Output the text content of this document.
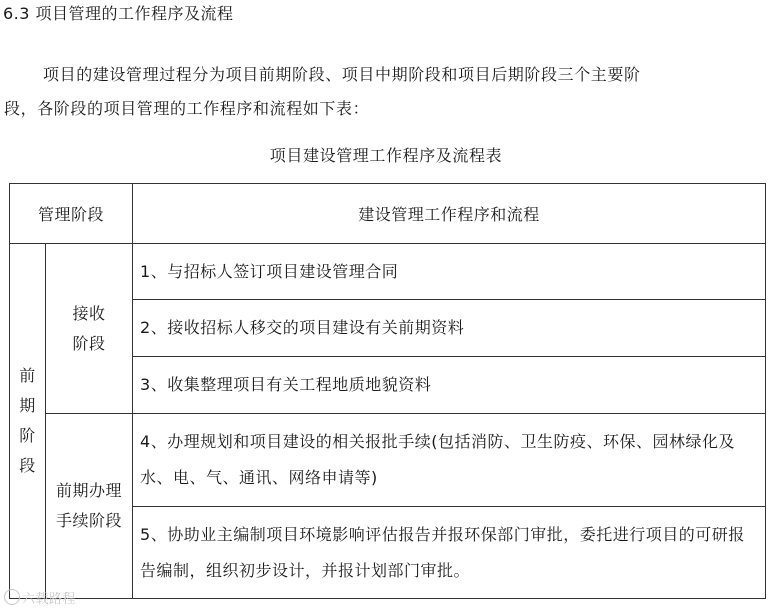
6.3 项目管理的工作程序及流程
项目的建设管理过程分为项目前期阶段、项目中期阶段和项目后期阶段三个主要阶
段，各阶段的项目管理的工作程序和流程如下表：
项目建设管理工作程序及流程表
管理阶段		建设管理工作程序和流程
前期阶段	接收阶段	1、与招标人签订项目建设管理合同
		2、接收招标人移交的项目建设有关前期资料
		3、收集整理项目有关工程地质地貌资料
	前期办理手续阶段	4、办理规划和项目建设的相关报批手续(包括消防、卫生防疫、环保、园林绿化及水、电、气、通讯、网络申请等)
		5、协助业主编制项目环境影响评估报告并报环保部门审批，委托进行项目的可研报告编制，组织初步设计，并报计划部门审批。
六载路程
